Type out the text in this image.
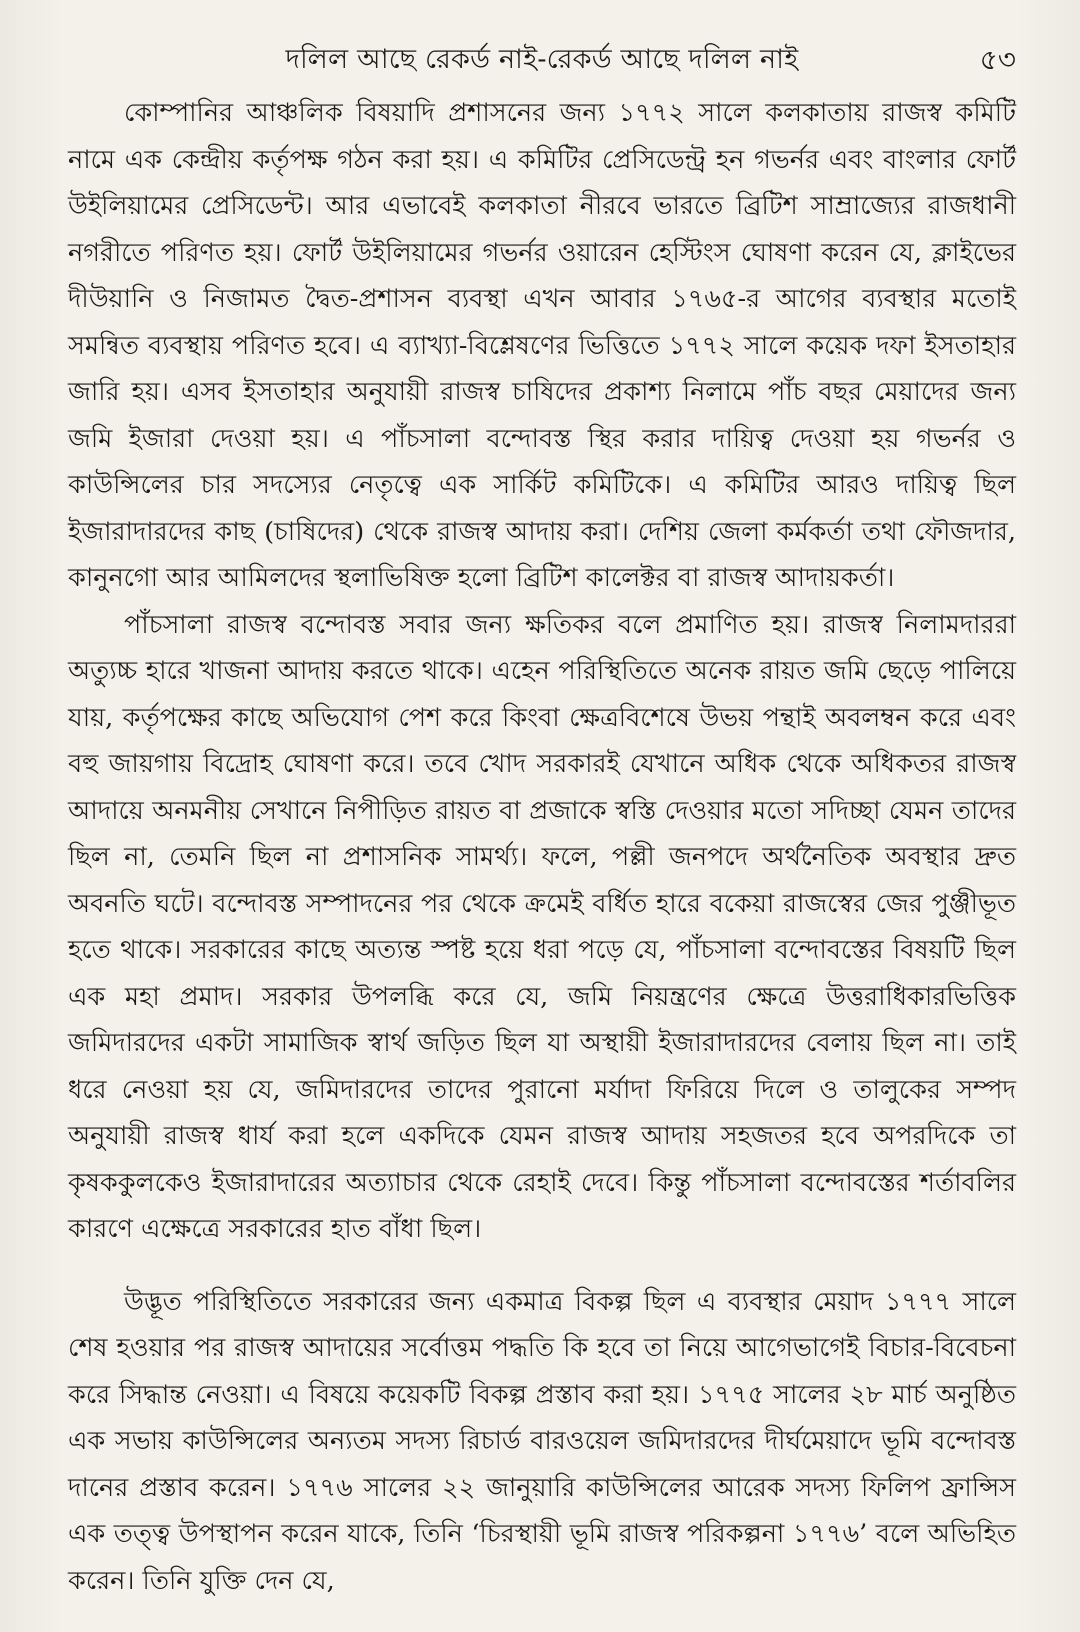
দলিল আছে রেকর্ড নাই-রেকর্ড আছে দলিল নাই	৫৩

কোম্পানির আঞ্চলিক বিষয়াদি প্রশাসনের জন্য ১৭৭২ সালে কলকাতায় রাজস্ব কমিটি নামে এক কেন্দ্রীয় কর্তৃপক্ষ গঠন করা হয়। এ কমিটির প্রেসিডেন্ট্র হন গভর্নর এবং বাংলার ফোর্ট উইলিয়ামের প্রেসিডেন্ট। আর এভাবেই কলকাতা নীরবে ভারতে ব্রিটিশ সাম্রাজ্যের রাজধানী নগরীতে পরিণত হয়। ফোর্ট উইলিয়ামের গভর্নর ওয়ারেন হেস্টিংস ঘোষণা করেন যে, ক্লাইভের দীউয়ানি ও নিজামত দ্বৈত-প্রশাসন ব্যবস্থা এখন আবার ১৭৬৫-র আগের ব্যবস্থার মতোই সমন্বিত ব্যবস্থায় পরিণত হবে। এ ব্যাখ্যা-বিশ্লেষণের ভিত্তিতে ১৭৭২ সালে কয়েক দফা ইসতাহার জারি হয়। এসব ইসতাহার অনুযায়ী রাজস্ব চাষিদের প্রকাশ্য নিলামে পাঁচ বছর মেয়াদের জন্য জমি ইজারা দেওয়া হয়। এ পাঁচসালা বন্দোবস্ত স্থির করার দায়িত্ব দেওয়া হয় গভর্নর ও কাউন্সিলের চার সদস্যের নেতৃত্বে এক সার্কিট কমিটিকে। এ কমিটির আরও দায়িত্ব ছিল ইজারাদারদের কাছ (চাষিদের) থেকে রাজস্ব আদায় করা। দেশিয় জেলা কর্মকর্তা তথা ফৌজদার, কানুনগো আর আমিলদের স্থলাভিষিক্ত হলো ব্রিটিশ কালেক্টর বা রাজস্ব আদায়কর্তা।

পাঁচসালা রাজস্ব বন্দোবস্ত সবার জন্য ক্ষতিকর বলে প্রমাণিত হয়। রাজস্ব নিলামদাররা অত্যুচ্চ হারে খাজনা আদায় করতে থাকে। এহেন পরিস্থিতিতে অনেক রায়ত জমি ছেড়ে পালিয়ে যায়, কর্তৃপক্ষের কাছে অভিযোগ পেশ করে কিংবা ক্ষেত্রবিশেষে উভয় পন্থাই অবলম্বন করে এবং বহু জায়গায় বিদ্রোহ ঘোষণা করে। তবে খোদ সরকারই যেখানে অধিক থেকে অধিকতর রাজস্ব আদায়ে অনমনীয় সেখানে নিপীড়িত রায়ত বা প্রজাকে স্বস্তি দেওয়ার মতো সদিচ্ছা যেমন তাদের ছিল না, তেমনি ছিল না প্রশাসনিক সামর্থ্য। ফলে, পল্লী জনপদে অর্থনৈতিক অবস্থার দ্রুত অবনতি ঘটে। বন্দোবস্ত সম্পাদনের পর থেকে ক্রমেই বর্ধিত হারে বকেয়া রাজস্বের জের পুঞ্জীভূত হতে থাকে। সরকারের কাছে অত্যন্ত স্পষ্ট হয়ে ধরা পড়ে যে, পাঁচসালা বন্দোবস্তের বিষয়টি ছিল এক মহা প্রমাদ। সরকার উপলব্ধি করে যে, জমি নিয়ন্ত্রণের ক্ষেত্রে উত্তরাধিকারভিত্তিক জমিদারদের একটা সামাজিক স্বার্থ জড়িত ছিল যা অস্থায়ী ইজারাদারদের বেলায় ছিল না। তাই ধরে নেওয়া হয় যে, জমিদারদের তাদের পুরানো মর্যাদা ফিরিয়ে দিলে ও তালুকের সম্পদ অনুযায়ী রাজস্ব ধার্য করা হলে একদিকে যেমন রাজস্ব আদায় সহজতর হবে অপরদিকে তা কৃষককুলকেও ইজারাদারের অত্যাচার থেকে রেহাই দেবে। কিন্তু পাঁচসালা বন্দোবস্তের শর্তাবলির কারণে এক্ষেত্রে সরকারের হাত বাঁধা ছিল।

উদ্ভূত পরিস্থিতিতে সরকারের জন্য একমাত্র বিকল্প ছিল এ ব্যবস্থার মেয়াদ ১৭৭৭ সালে শেষ হওয়ার পর রাজস্ব আদায়ের সর্বোত্তম পদ্ধতি কি হবে তা নিয়ে আগেভাগেই বিচার-বিবেচনা করে সিদ্ধান্ত নেওয়া। এ বিষয়ে কয়েকটি বিকল্প প্রস্তাব করা হয়। ১৭৭৫ সালের ২৮ মার্চ অনুষ্ঠিত এক সভায় কাউন্সিলের অন্যতম সদস্য রিচার্ড বারওয়েল জমিদারদের দীর্ঘমেয়াদে ভূমি বন্দোবস্ত দানের প্রস্তাব করেন। ১৭৭৬ সালের ২২ জানুয়ারি কাউন্সিলের আরেক সদস্য ফিলিপ ফ্রান্সিস এক তত্ত্ব উপস্থাপন করেন যাকে, তিনি ‘চিরস্থায়ী ভূমি রাজস্ব পরিকল্পনা ১৭৭৬’ বলে অভিহিত করেন। তিনি যুক্তি দেন যে,
